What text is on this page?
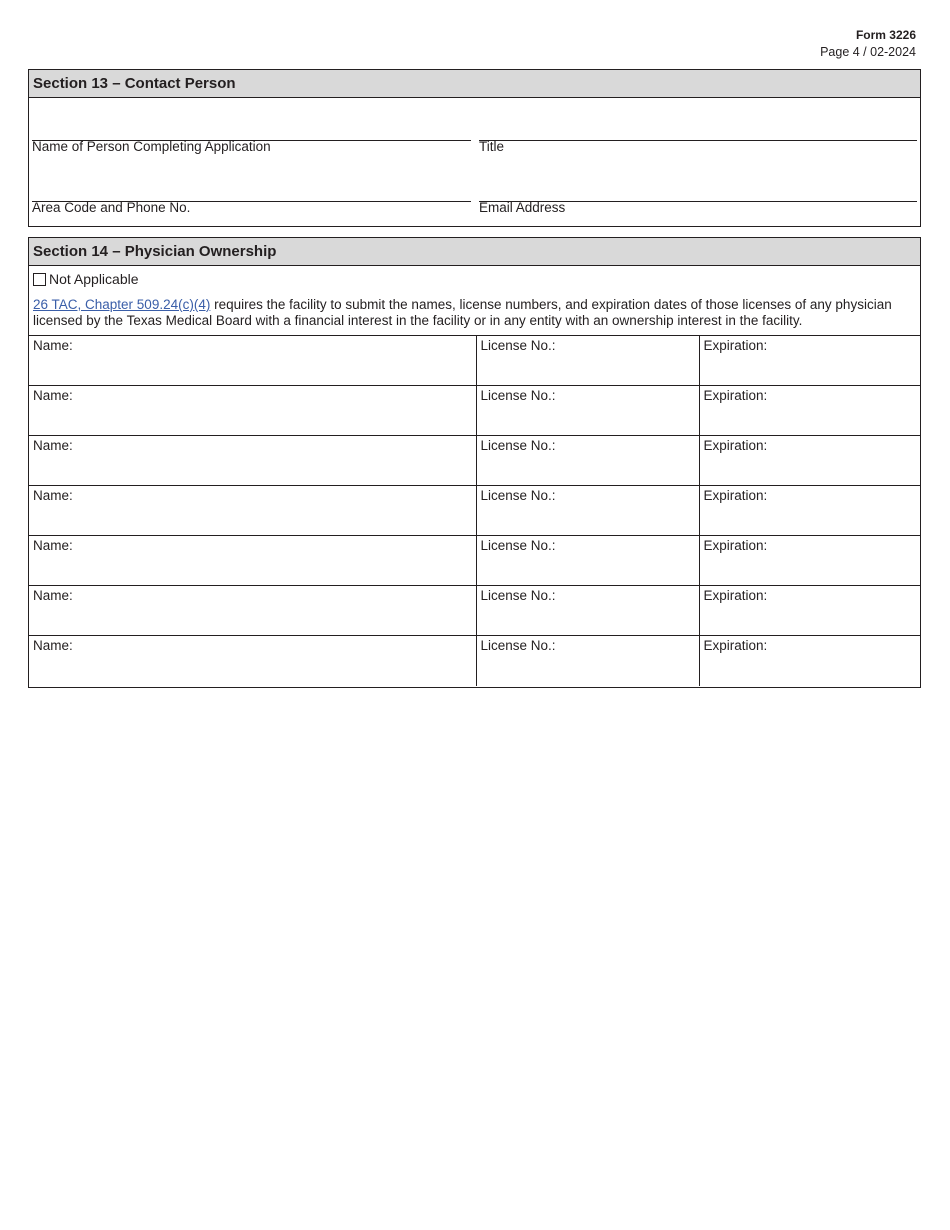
Form 3226
Page 4 / 02-2024
Section 13 – Contact Person
Name of Person Completing Application	Title
Area Code and Phone No.	Email Address
Section 14 – Physician Ownership
Not Applicable
26 TAC, Chapter 509.24(c)(4) requires the facility to submit the names, license numbers, and expiration dates of those licenses of any physician licensed by the Texas Medical Board with a financial interest in the facility or in any entity with an ownership interest in the facility.
Name:	License No.:	Expiration:
Name:	License No.:	Expiration:
Name:	License No.:	Expiration:
Name:	License No.:	Expiration:
Name:	License No.:	Expiration:
Name:	License No.:	Expiration:
Name:	License No.:	Expiration:
